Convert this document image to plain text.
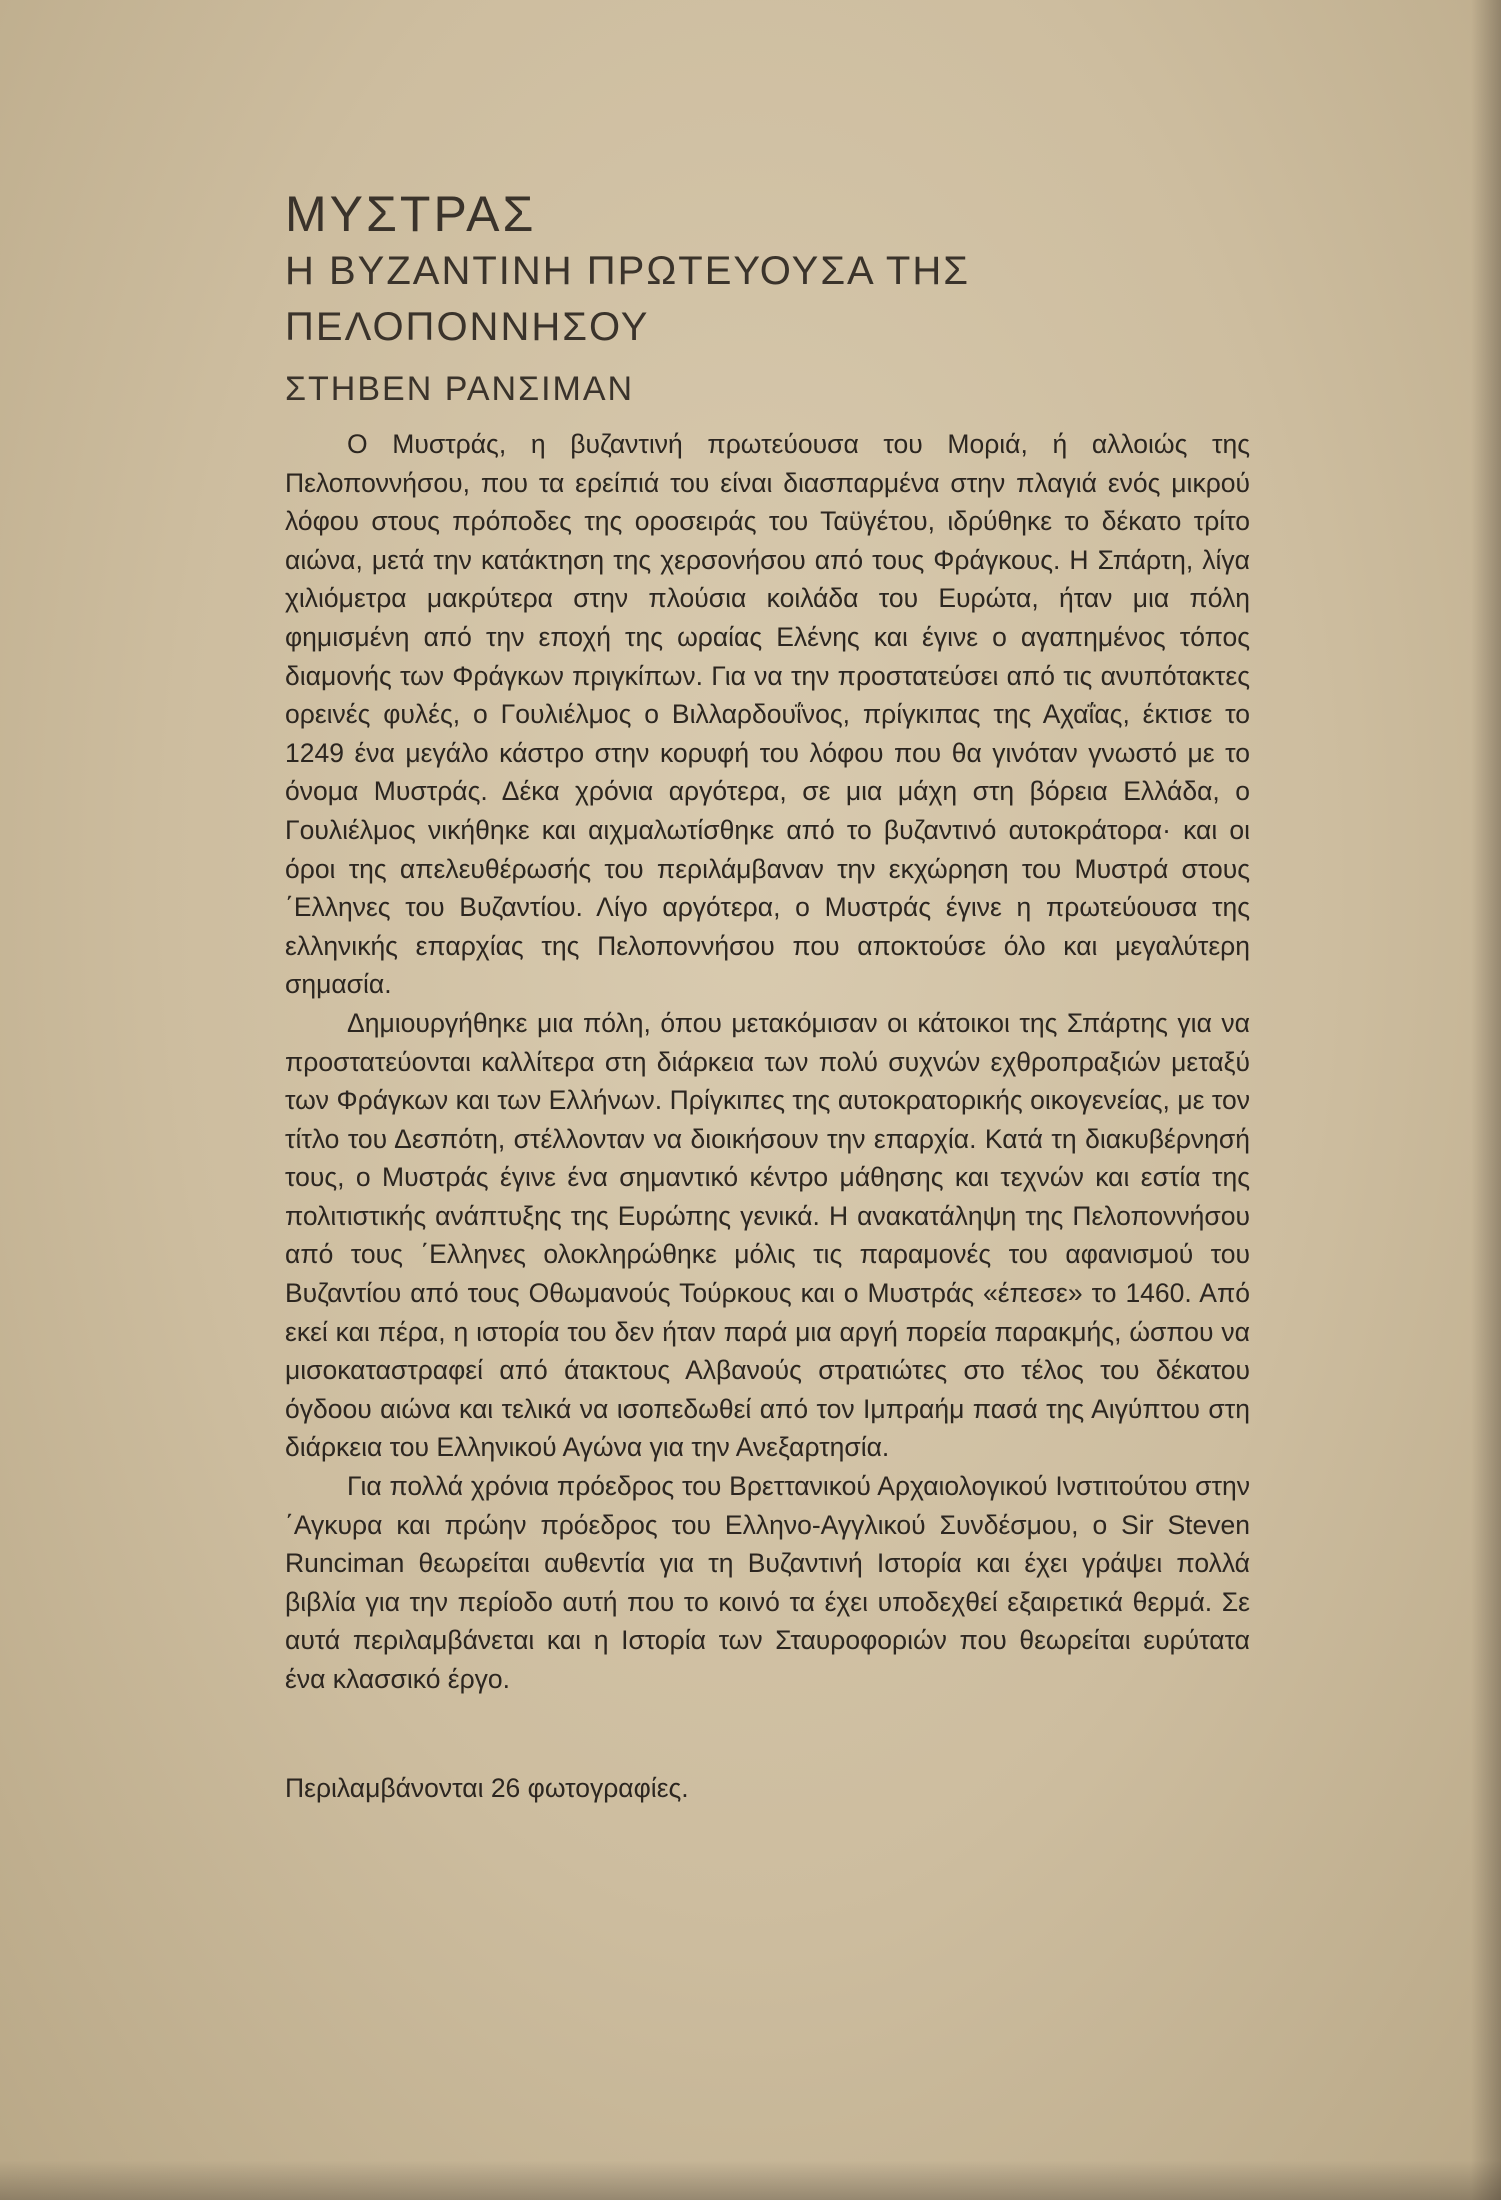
ΜΥΣΤΡΑΣ
Η ΒΥΖΑΝΤΙΝΗ ΠΡΩΤΕΥΟΥΣΑ ΤΗΣ
ΠΕΛΟΠΟΝΝΗΣΟΥ
ΣΤΗΒΕΝ ΡΑΝΣΙΜΑΝ

Ο Μυστράς, η βυζαντινή πρωτεύουσα του Μοριά, ή αλλοιώς της Πελοποννήσου, που τα ερείπιά του είναι διασπαρμένα στην πλαγιά ενός μικρού λόφου στους πρόποδες της οροσειράς του Ταϋγέτου, ιδρύθηκε το δέκατο τρίτο αιώνα, μετά την κατάκτηση της χερσονήσου από τους Φράγκους. Η Σπάρτη, λίγα χιλιόμετρα μακρύτερα στην πλούσια κοιλάδα του Ευρώτα, ήταν μια πόλη φημισμένη από την εποχή της ωραίας Ελένης και έγινε ο αγαπημένος τόπος διαμονής των Φράγκων πριγκίπων. Για να την προστατεύσει από τις ανυπότακτες ορεινές φυλές, ο Γουλιέλμος ο Βιλλαρδουΐνος, πρίγκιπας της Αχαΐας, έκτισε το 1249 ένα μεγάλο κάστρο στην κορυφή του λόφου που θα γινόταν γνωστό με το όνομα Μυστράς. Δέκα χρόνια αργότερα, σε μια μάχη στη βόρεια Ελλάδα, ο Γουλιέλμος νικήθηκε και αιχμαλωτίσθηκε από το βυζαντινό αυτοκράτορα· και οι όροι της απελευθέρωσής του περιλάμβαναν την εκχώρηση του Μυστρά στους ΄Ελληνες του Βυζαντίου. Λίγο αργότερα, ο Μυστράς έγινε η πρωτεύουσα της ελληνικής επαρχίας της Πελοποννήσου που αποκτούσε όλο και μεγαλύτερη σημασία.

Δημιουργήθηκε μια πόλη, όπου μετακόμισαν οι κάτοικοι της Σπάρτης για να προστατεύονται καλλίτερα στη διάρκεια των πολύ συχνών εχθροπραξιών μεταξύ των Φράγκων και των Ελλήνων. Πρίγκιπες της αυτοκρατορικής οικογενείας, με τον τίτλο του Δεσπότη, στέλλονταν να διοικήσουν την επαρχία. Κατά τη διακυβέρνησή τους, ο Μυστράς έγινε ένα σημαντικό κέντρο μάθησης και τεχνών και εστία της πολιτιστικής ανάπτυξης της Ευρώπης γενικά. Η ανακατάληψη της Πελοποννήσου από τους ΄Ελληνες ολοκληρώθηκε μόλις τις παραμονές του αφανισμού του Βυζαντίου από τους Οθωμανούς Τούρκους και ο Μυστράς «έπεσε» το 1460. Από εκεί και πέρα, η ιστορία του δεν ήταν παρά μια αργή πορεία παρακμής, ώσπου να μισοκαταστραφεί από άτακτους Αλβανούς στρατιώτες στο τέλος του δέκατου όγδοου αιώνα και τελικά να ισοπεδωθεί από τον Ιμπραήμ πασά της Αιγύπτου στη διάρκεια του Ελληνικού Αγώνα για την Ανεξαρτησία.

Για πολλά χρόνια πρόεδρος του Βρεττανικού Αρχαιολογικού Ινστιτούτου στην ΄Αγκυρα και πρώην πρόεδρος του Ελληνο-Αγγλικού Συνδέσμου, ο Sir Steven Runciman θεωρείται αυθεντία για τη Βυζαντινή Ιστορία και έχει γράψει πολλά βιβλία για την περίοδο αυτή που το κοινό τα έχει υποδεχθεί εξαιρετικά θερμά. Σε αυτά περιλαμβάνεται και η Ιστορία των Σταυροφοριών που θεωρείται ευρύτατα ένα κλασσικό έργο.

Περιλαμβάνονται 26 φωτογραφίες.
